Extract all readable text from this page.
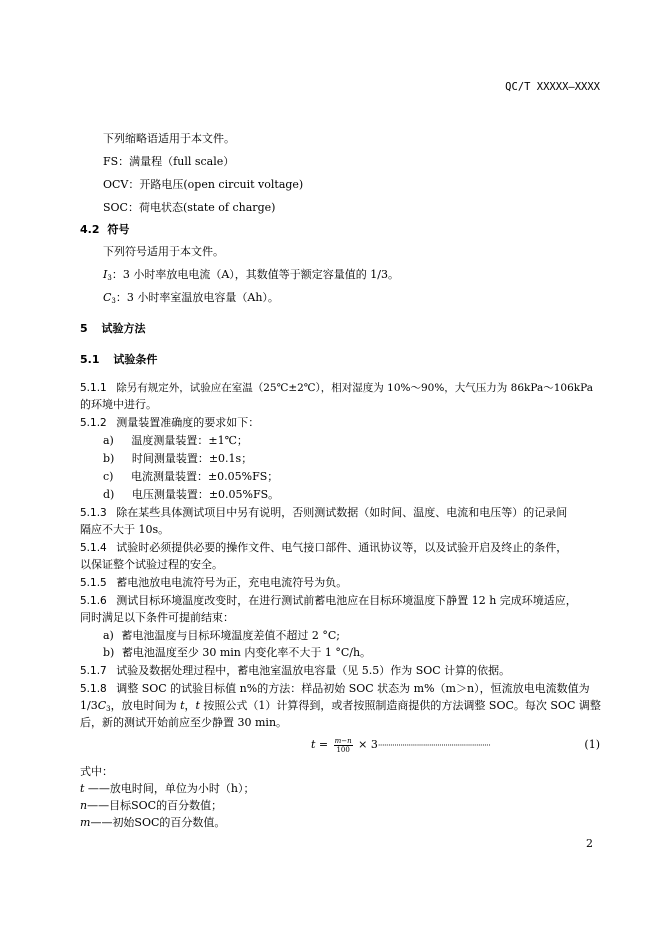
QC/T XXXXX—XXXX
下列缩略语适用于本文件。
FS：满量程（full scale）
OCV：开路电压(open circuit voltage)
SOC：荷电状态(state of charge)
4.2 符号
下列符号适用于本文件。
$I_3$：3 小时率放电电流（A），其数值等于额定容量值的 1/3。
$C_3$：3 小时率室温放电容量（Ah）。
5 试验方法
5.1 试验条件
5.1.1 除另有规定外，试验应在室温（25℃±2℃），相对湿度为 10%～90%，大气压力为 86kPa～106kPa
的环境中进行。
5.1.2 测量装置准确度的要求如下：
a) 温度测量装置：±1℃；
b) 时间测量装置：±0.1s；
c) 电流测量装置：±0.05%FS；
d) 电压测量装置：±0.05%FS。
5.1.3 除在某些具体测试项目中另有说明，否则测试数据（如时间、温度、电流和电压等）的记录间
隔应不大于 10s。
5.1.4 试验时必须提供必要的操作文件、电气接口部件、通讯协议等，以及试验开启及终止的条件，
以保证整个试验过程的安全。
5.1.5 蓄电池放电电流符号为正，充电电流符号为负。
5.1.6 测试目标环境温度改变时，在进行测试前蓄电池应在目标环境温度下静置 12 h 完成环境适应，
同时满足以下条件可提前结束：
a) 蓄电池温度与目标环境温度差值不超过 2 °C;
b) 蓄电池温度至少 30 min 内变化率不大于 1 °C/h。
5.1.7 试验及数据处理过程中，蓄电池室温放电容量（见 5.5）作为 SOC 计算的依据。
5.1.8 调整 SOC 的试验目标值 n%的方法：样品初始 SOC 状态为 m%（m＞n），恒流放电电流数值为
$1/3C_3$，放电时间为 t，t 按照公式（1）计算得到，或者按照制造商提供的方法调整 SOC。每次 SOC 调整
后，新的测试开始前应至少静置 30 min。
$t = \frac{m-n}{100} \times 3\cdot\cdot\cdot\cdot\cdot\cdot\cdot\cdot\cdot\cdot\cdot\cdot\cdot\cdot\cdot\cdot\cdot\cdot\cdot\cdot\cdot\cdot\cdot\cdot\cdot\cdot\cdot\cdot\cdot\cdot\cdot\cdot\cdot\cdot\cdot\cdot\cdot\cdot\cdot\cdot\cdot\cdot\cdot\cdot\cdot\cdot\cdot\cdot\cdot\cdot\cdot\cdot\cdot\cdot\cdot$	(1)
式中：
t ——放电时间，单位为小时（h）；
n——目标SOC的百分数值；
m——初始SOC的百分数值。
2
